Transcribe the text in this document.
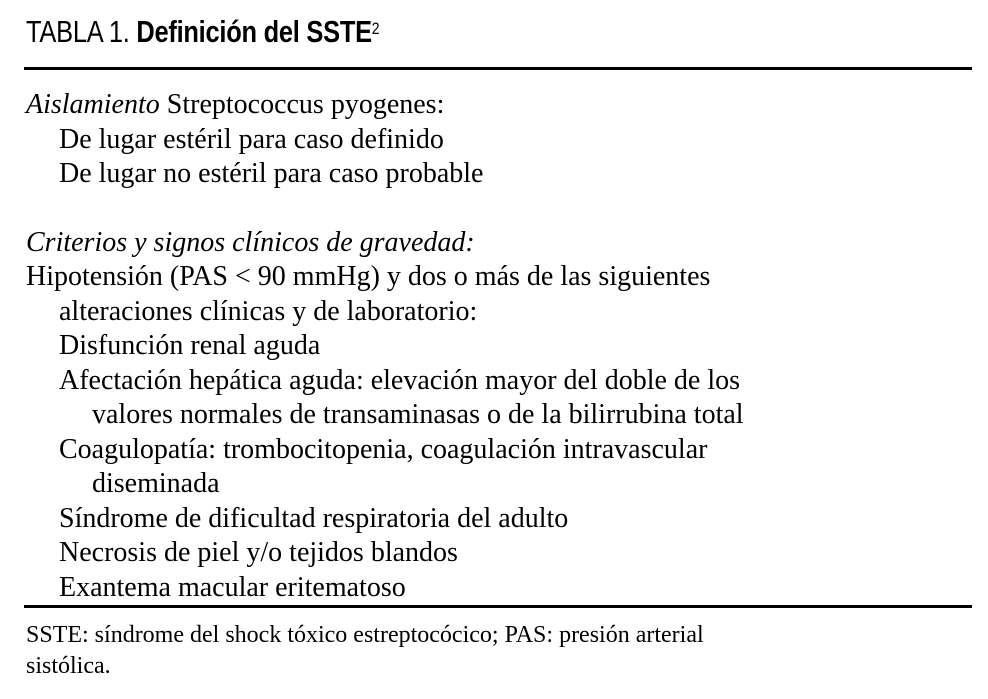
TABLA 1. Definición del SSTE$^2$
Aislamiento Streptococcus pyogenes:
De lugar estéril para caso definido
De lugar no estéril para caso probable
Criterios y signos clínicos de gravedad:
Hipotensión (PAS < 90 mmHg) y dos o más de las siguientes
alteraciones clínicas y de laboratorio:
Disfunción renal aguda
Afectación hepática aguda: elevación mayor del doble de los
valores normales de transaminasas o de la bilirrubina total
Coagulopatía: trombocitopenia, coagulación intravascular
diseminada
Síndrome de dificultad respiratoria del adulto
Necrosis de piel y/o tejidos blandos
Exantema macular eritematoso
SSTE: síndrome del shock tóxico estreptocócico; PAS: presión arterial
sistólica.
